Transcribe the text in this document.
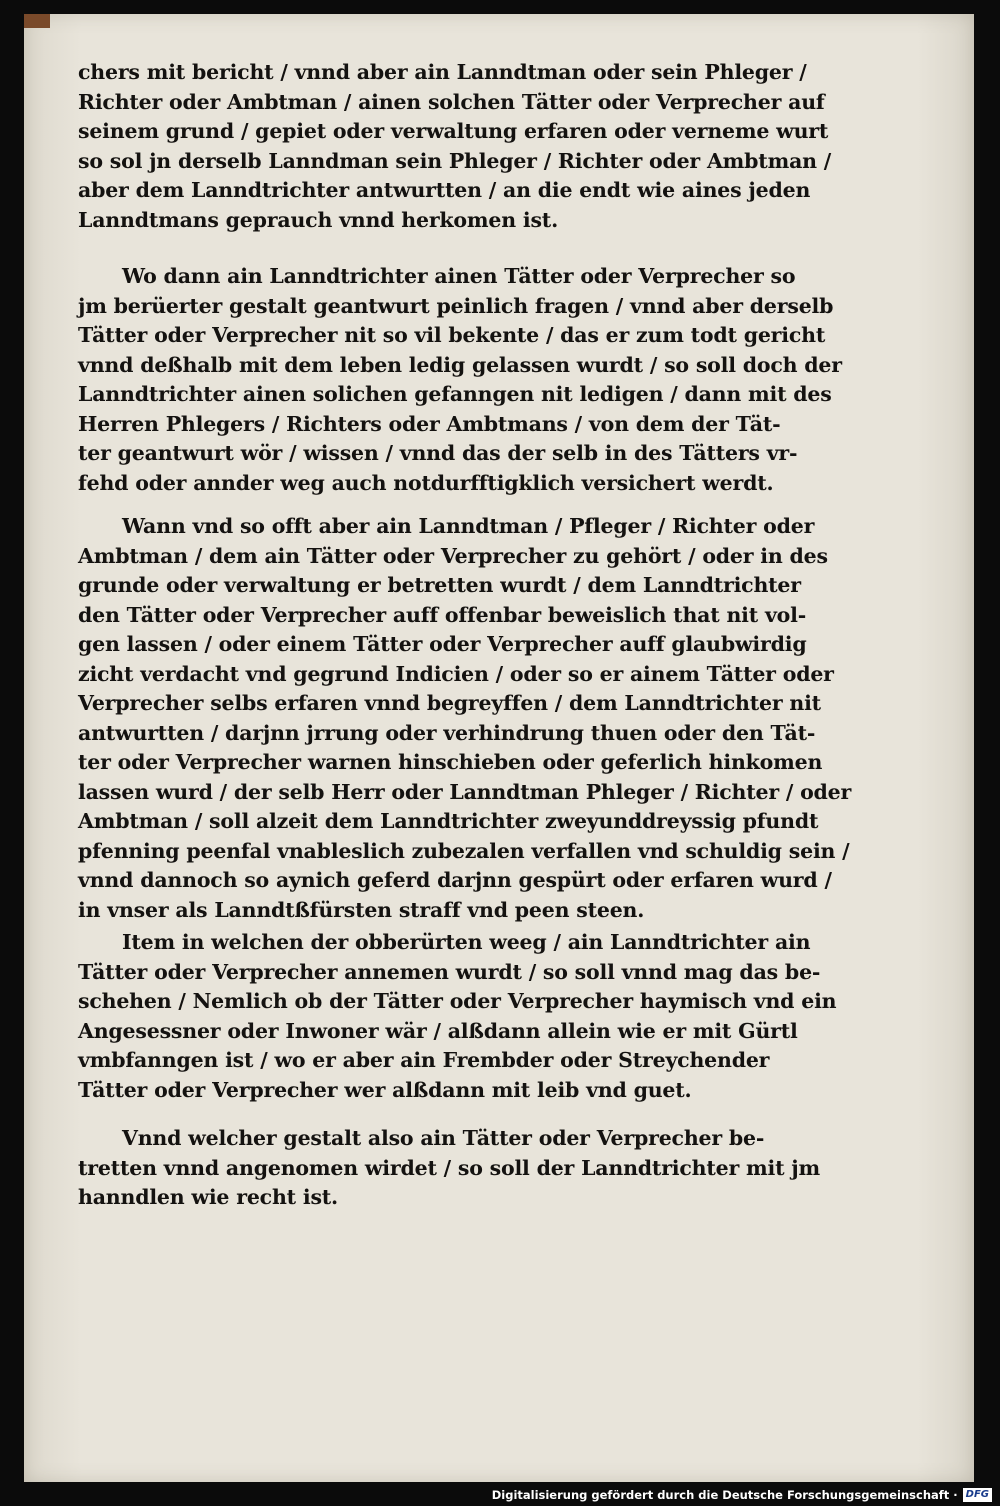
chers mit bericht / vnnd aber ain Lanndtman oder sein Phleger /
Richter oder Ambtman / ainen solchen Tätter oder Verprecher auf
seinem grund / gepiet oder verwaltung erfaren oder verneme wurt
so sol jn derselb Lanndman sein Phleger / Richter oder Ambtman /
aber dem Lanndtrichter antwurtten / an die endt wie aines jeden
Lanndtmans geprauch vnnd herkomen ist.
Wo dann ain Lanndtrichter ainen Tätter oder Verprecher so
jm berüerter gestalt geantwurt peinlich fragen / vnnd aber derselb
Tätter oder Verprecher nit so vil bekente / das er zum todt gericht
vnnd deßhalb mit dem leben ledig gelassen wurdt / so soll doch der
Lanndtrichter ainen solichen gefanngen nit ledigen / dann mit des
Herren Phlegers / Richters oder Ambtmans / von dem der Tät-
ter geantwurt wör / wissen / vnnd das der selb in des Tätters vr-
fehd oder annder weg auch notdurfftigklich versichert werdt.
Wann vnd so offt aber ain Lanndtman / Pfleger / Richter oder
Ambtman / dem ain Tätter oder Verprecher zu gehört / oder in des
grunde oder verwaltung er betretten wurdt / dem Lanndtrichter
den Tätter oder Verprecher auff offenbar beweislich that nit vol-
gen lassen / oder einem Tätter oder Verprecher auff glaubwirdig
zicht verdacht vnd gegrund Indicien / oder so er ainem Tätter oder
Verprecher selbs erfaren vnnd begreyffen / dem Lanndtrichter nit
antwurtten / darjnn jrrung oder verhindrung thuen oder den Tät-
ter oder Verprecher warnen hinschieben oder geferlich hinkomen
lassen wurd / der selb Herr oder Lanndtman Phleger / Richter / oder
Ambtman / soll alzeit dem Lanndtrichter zweyunddreyssig pfundt
pfenning peenfal vnableslich zubezalen verfallen vnd schuldig sein /
vnnd dannoch so aynich geferd darjnn gespürt oder erfaren wurd /
in vnser als Lanndtßfürsten straff vnd peen steen.
Item in welchen der obberürten weeg / ain Lanndtrichter ain
Tätter oder Verprecher annemen wurdt / so soll vnnd mag das be-
schehen / Nemlich ob der Tätter oder Verprecher haymisch vnd ein
Angesessner oder Inwoner wär / alßdann allein wie er mit Gürtl
vmbfanngen ist / wo er aber ain Frembder oder Streychender
Tätter oder Verprecher wer alßdann mit leib vnd guet.
Vnnd welcher gestalt also ain Tätter oder Verprecher be-
tretten vnnd angenomen wirdet / so soll der Lanndtrichter mit jm
hanndlen wie recht ist.
Digitalisierung gefördert durch die Deutsche Forschungsgemeinschaft · DFG
